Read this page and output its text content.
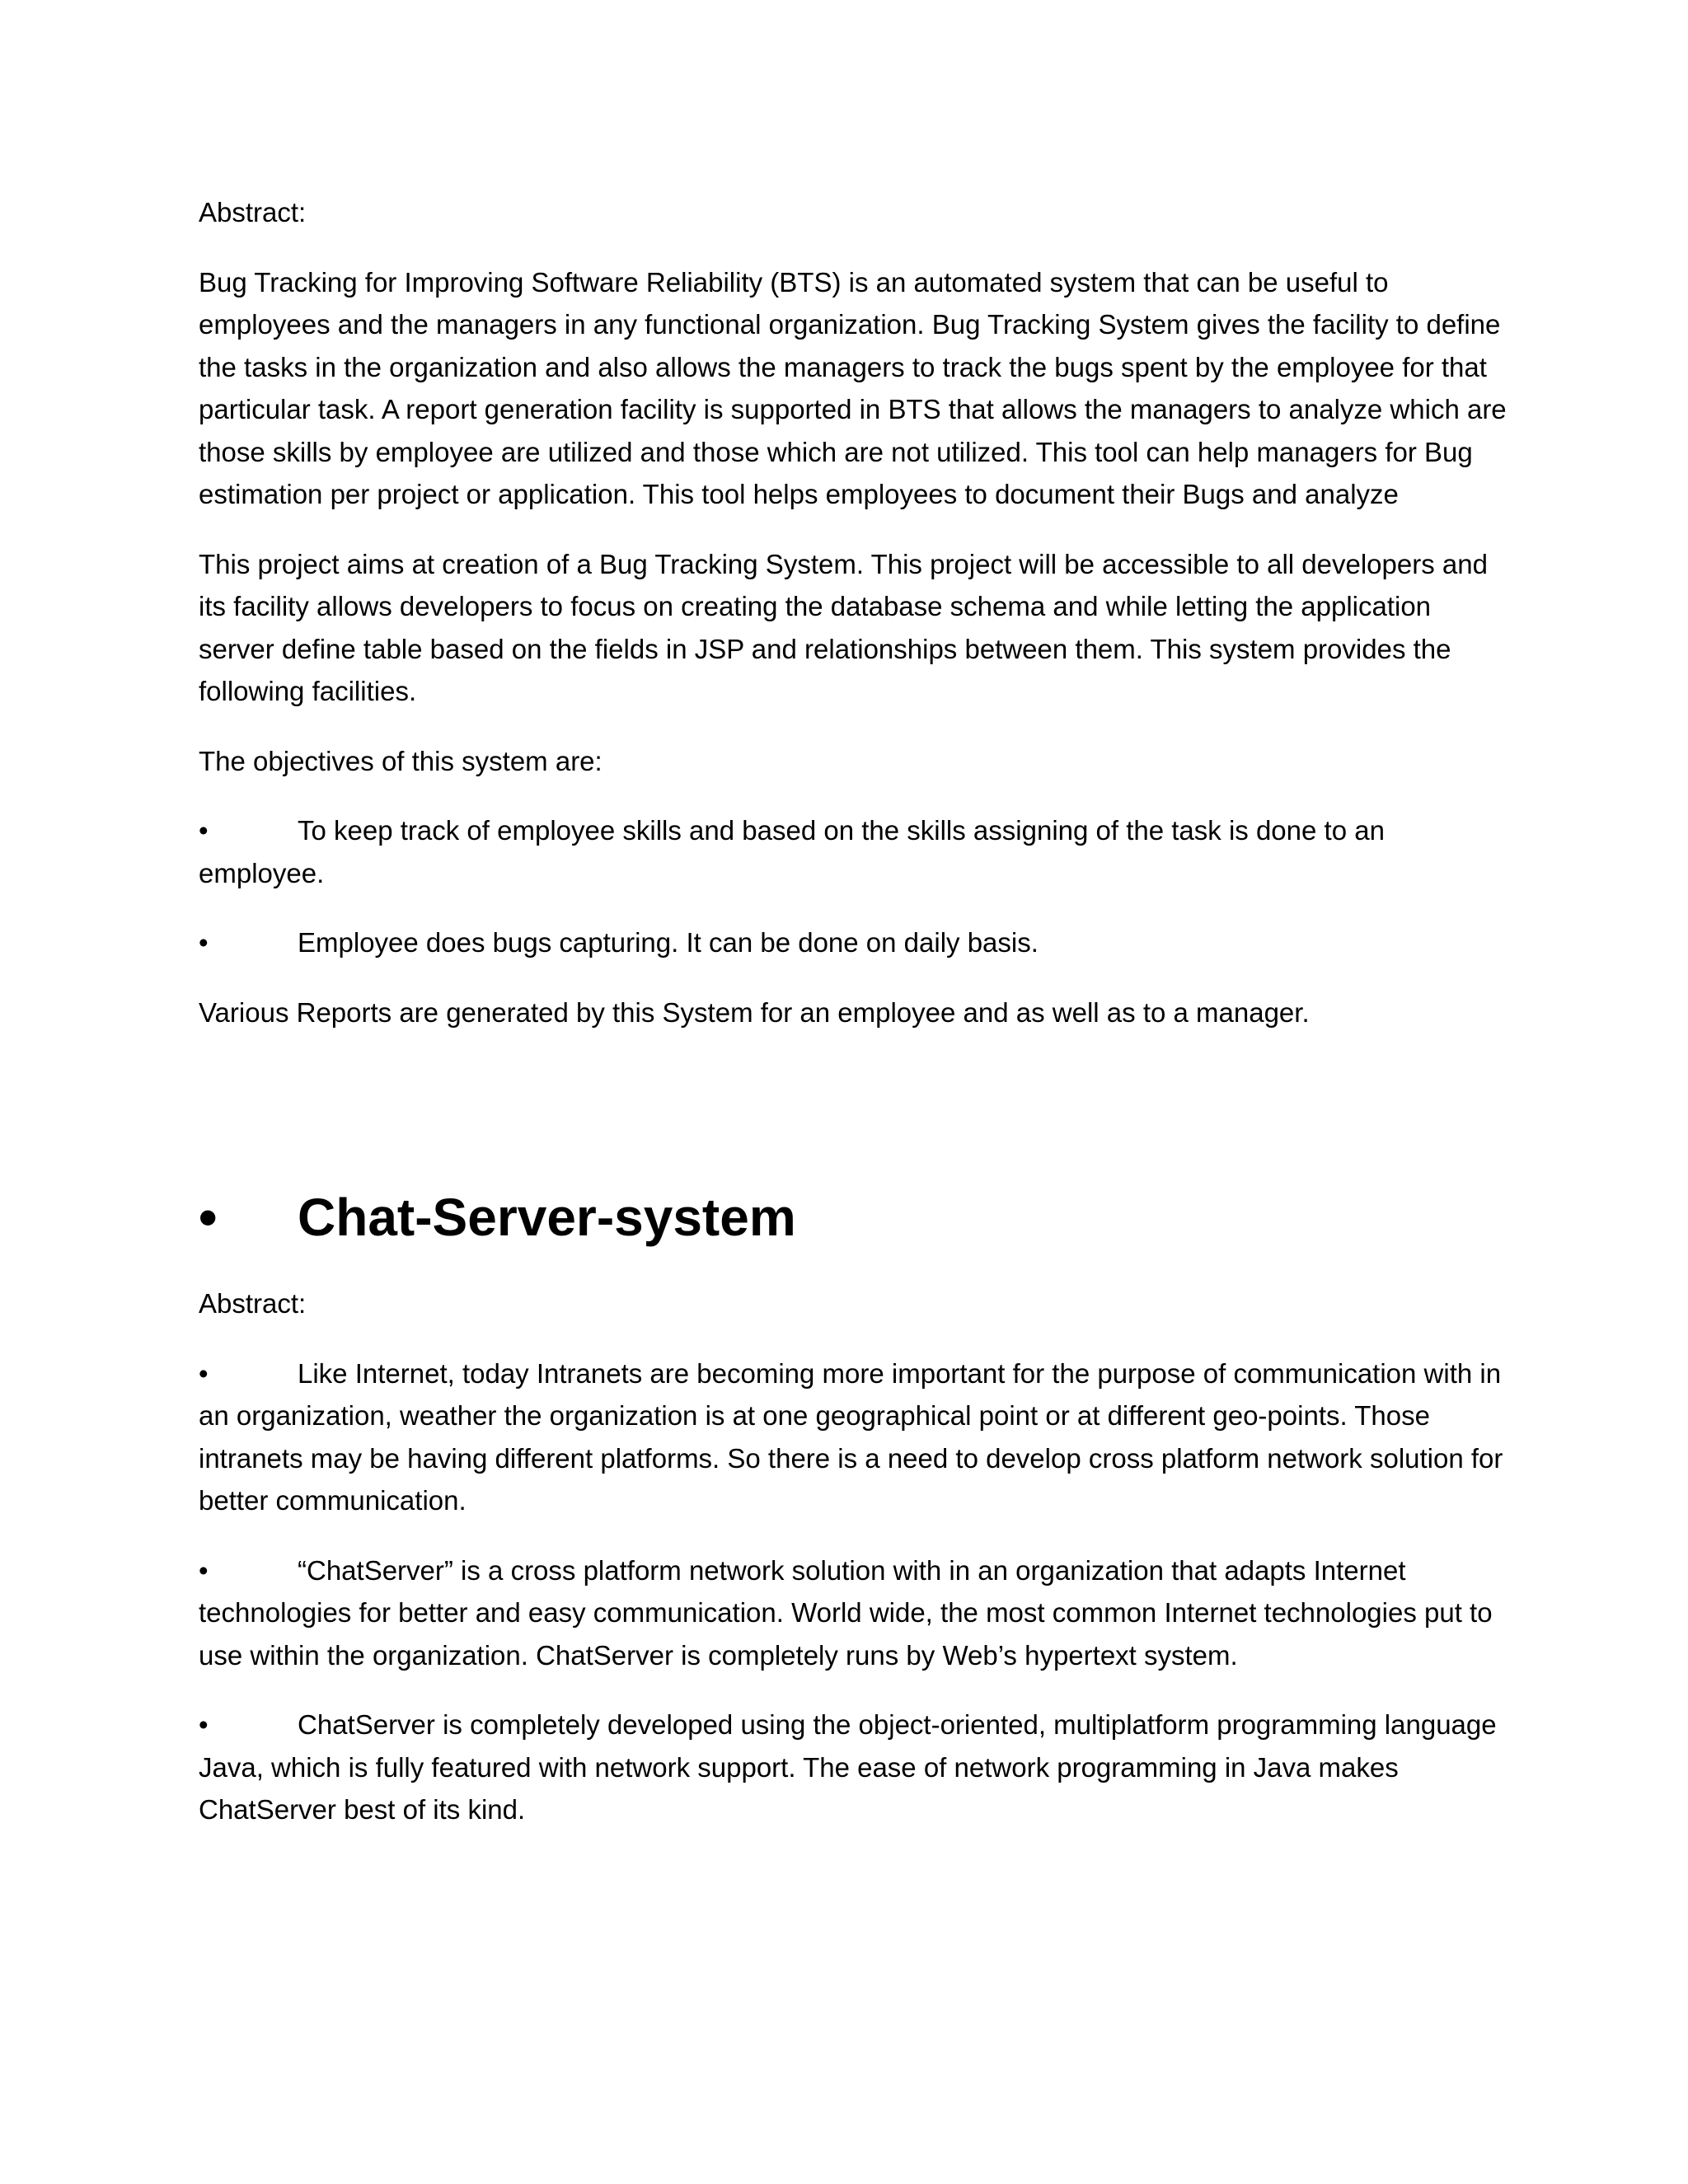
Abstract:

Bug Tracking for Improving Software Reliability (BTS) is an automated system that can be useful to employees and the managers in any functional organization. Bug Tracking System gives the facility to define the tasks in the organization and also allows the managers to track the bugs spent by the employee for that particular task. A report generation facility is supported in BTS that allows the managers to analyze which are those skills by employee are utilized and those which are not utilized. This tool can help managers for Bug estimation per project or application. This tool helps employees to document their Bugs and analyze

This project aims at creation of a Bug Tracking System. This project will be accessible to all developers and its facility allows developers to focus on creating the database schema and while letting the application server define table based on the fields in JSP and relationships between them. This system provides the following facilities.

The objectives of this system are:

•	To keep track of employee skills and based on the skills assigning of the task is done to an employee.

•	Employee does bugs capturing. It can be done on daily basis.

Various Reports are generated by this System for an employee and as well as to a manager.

•	Chat-Server-system

Abstract:

•	Like Internet, today Intranets are becoming more important for the purpose of communication with in an organization, weather the organization is at one geographical point or at different geo-points. Those intranets may be having different platforms. So there is a need to develop cross platform network solution for better communication.

•	“ChatServer” is a cross platform network solution with in an organization that adapts Internet technologies for better and easy communication. World wide, the most common Internet technologies put to use within the organization. ChatServer is completely runs by Web’s hypertext system.

•	ChatServer is completely developed using the object-oriented, multiplatform programming language Java, which is fully featured with network support. The ease of network programming in Java makes ChatServer best of its kind.
